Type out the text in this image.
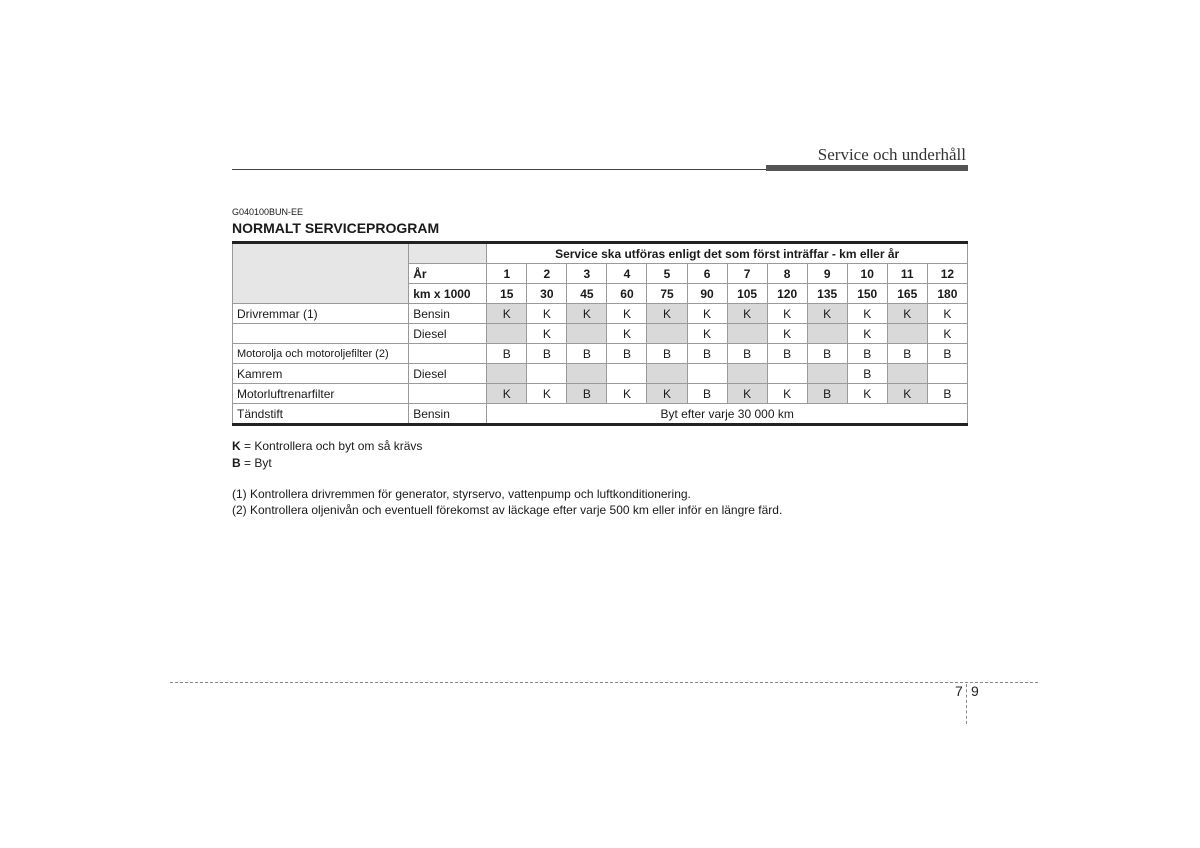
Service och underhåll
G040100BUN-EE
NORMALT SERVICEPROGRAM
		Service ska utföras enligt det som först inträffar - km eller år											
	År	1	2	3	4	5	6	7	8	9	10	11	12
	km x 1000	15	30	45	60	75	90	105	120	135	150	165	180
Drivremmar (1)	Bensin	K	K	K	K	K	K	K	K	K	K	K	K
	Diesel		K		K		K		K		K		K
Motorolja och motoroljefilter (2)		B	B	B	B	B	B	B	B	B	B	B	B
Kamrem	Diesel										B		
Motorluftrenarfilter		K	K	B	K	K	B	K	K	B	K	K	B
Tändstift	Bensin	Byt efter varje 30 000 km											
K = Kontrollera och byt om så krävs
B = Byt
(1) Kontrollera drivremmen för generator, styrservo, vattenpump och luftkonditionering.
(2) Kontrollera oljenivån och eventuell förekomst av läckage efter varje 500 km eller inför en längre färd.
7 9
